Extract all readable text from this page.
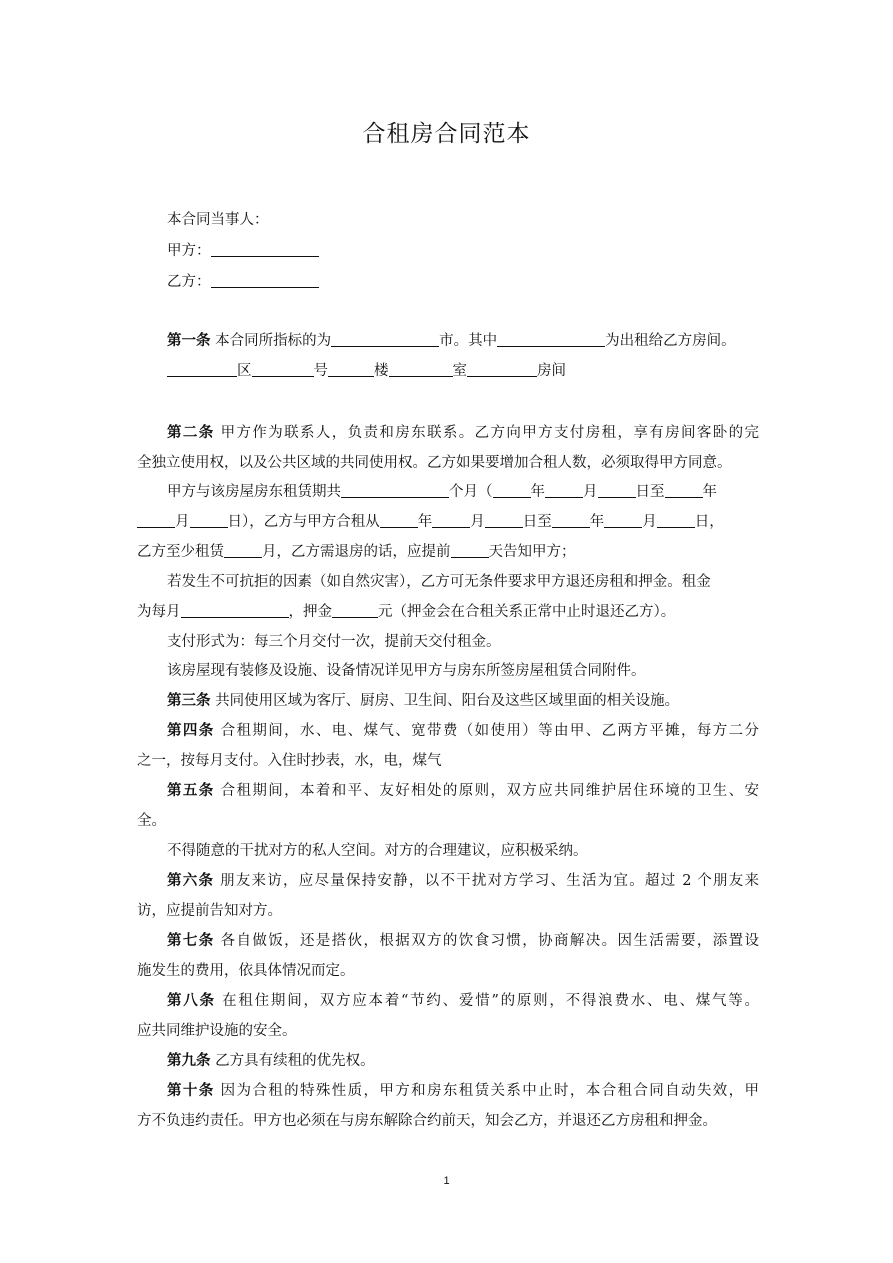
合租房合同范本
本合同当事人：
甲方：
乙方：
第一条 本合同所指标的为	市。其中	为出租给乙方房间。
区	号	楼	室	房间
第二条 甲方作为联系人，负责和房东联系。乙方向甲方支付房租，享有房间客卧的完
全独立使用权，以及公共区域的共同使用权。乙方如果要增加合租人数，必须取得甲方同意。
甲方与该房屋房东租赁期共	个月（	年	月	日至	年
月	日），乙方与甲方合租从	年	月	日至	年	月	日，
乙方至少租赁	月，乙方需退房的话，应提前	天告知甲方；
若发生不可抗拒的因素（如自然灾害），乙方可无条件要求甲方退还房租和押金。租金
为每月	，押金	元（押金会在合租关系正常中止时退还乙方）。
支付形式为：每三个月交付一次，提前天交付租金。
该房屋现有装修及设施、设备情况详见甲方与房东所签房屋租赁合同附件。
第三条 共同使用区域为客厅、厨房、卫生间、阳台及这些区域里面的相关设施。
第四条 合租期间，水、电、煤气、宽带费（如使用）等由甲、乙两方平摊，每方二分
之一，按每月支付。入住时抄表，水，电，煤气
第五条 合租期间，本着和平、友好相处的原则，双方应共同维护居住环境的卫生、安
全。
不得随意的干扰对方的私人空间。对方的合理建议，应积极采纳。
第六条 朋友来访，应尽量保持安静，以不干扰对方学习、生活为宜。超过 2 个朋友来
访，应提前告知对方。
第七条 各自做饭，还是搭伙，根据双方的饮食习惯，协商解决。因生活需要，添置设
施发生的费用，依具体情况而定。
第八条 在租住期间，双方应本着“节约、爱惜”的原则，不得浪费水、电、煤气等。
应共同维护设施的安全。
第九条 乙方具有续租的优先权。
第十条 因为合租的特殊性质，甲方和房东租赁关系中止时，本合租合同自动失效，甲
方不负违约责任。甲方也必须在与房东解除合约前天，知会乙方，并退还乙方房租和押金。
1
